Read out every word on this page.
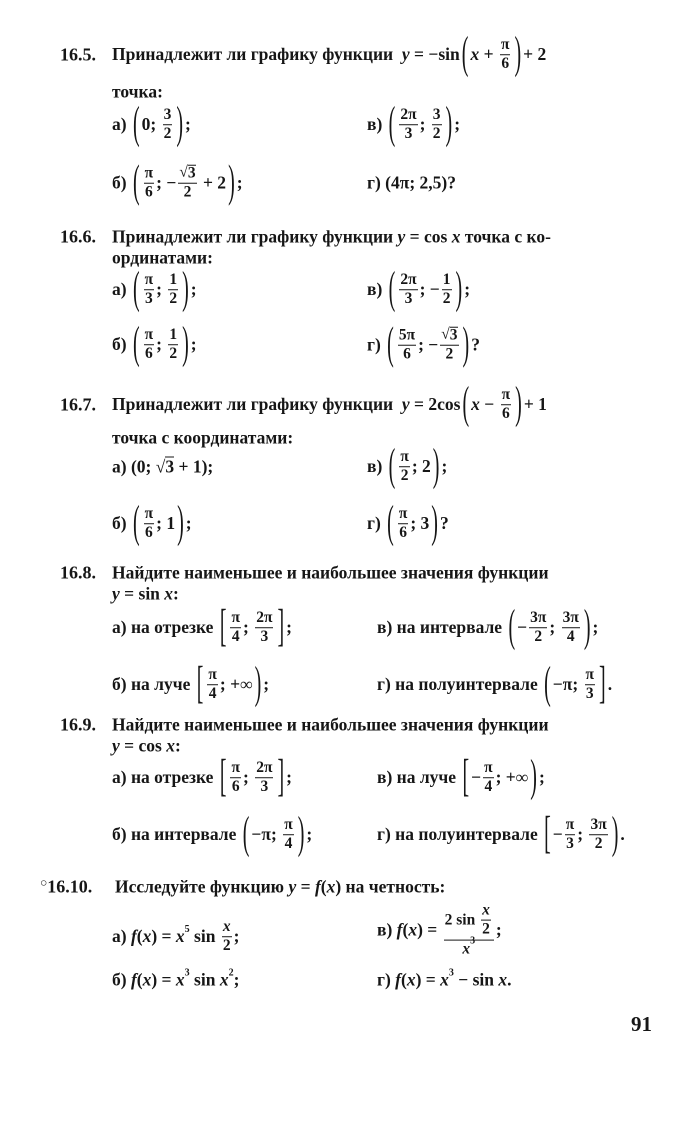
16.5. Принадлежит ли графику функции y = −sin ( x + π
6 ) + 2
точка:
а) ( 0; 3
2 ) ;	в) ( 2π
3 ; 3
2 ) ;
б) ( π
6 ; −
√ 3
2 + 2 ) ;	г) (4π; 2,5)?
16.6. Принадлежит ли графику функции y = cos x точка с ко-
ординатами:
а) ( π
3 ; 1
2 ) ;	в) ( 2π
3 ; − 1
2 ) ;
б) ( π
6 ; 1
2 ) ;	г) ( 5π
6 ; −
√ 3
2 ) ?
16.7. Принадлежит ли графику функции y = 2cos ( x − π
6 ) + 1
точка с координатами:
а) (0; √ 3 + 1);	в) ( π
2 ; 2 ) ;
б) ( π
6 ; 1 ) ;	г) ( π
6 ; 3 ) ?
16.8. Найдите наименьшее и наибольшее значения функции
y = sin x :
а) на отрезке [ π
4 ; 2π
3 ] ;	в) на интервале ( − 3π
2 ; 3π
4 ) ;
б) на луче [ π
4 ; +∞ ) ;	г) на полуинтервале ( −π; π
3 ] .
16.9. Найдите наименьшее и наибольшее значения функции
y = cos x :
а) на отрезке [ π
6 ; 2π
3 ] ;	в) на луче [ − π
4 ; +∞ ) ;
б) на интервале ( −π; π
4 ) ;	г) на полуинтервале [ − π
3 ; 3π
2 ) .
○16.10. Исследуйте функцию y = f ( x ) на четность:
а) f ( x ) = x 5 sin x
2 ;	в) f ( x ) = 2 sin
x
2
x 3
;
б) f ( x ) = x 3 sin x 2 ;	г) f ( x ) = x 3 − sin x .
91
